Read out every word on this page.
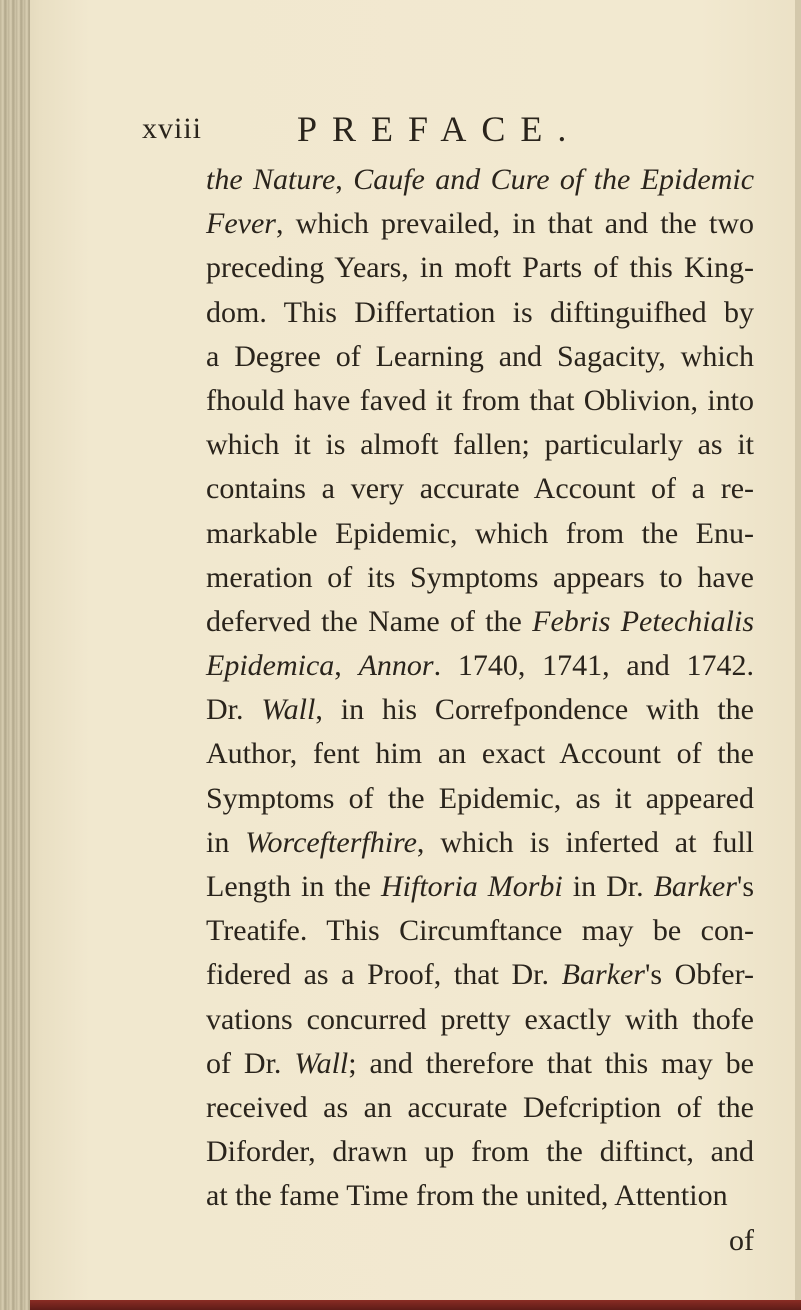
xviii	PREFACE.
the Nature, Caufe and Cure of the Epidemic
Fever, which prevailed, in that and the two
preceding Years, in moft Parts of this King-
dom. This Differtation is diftinguifhed by
a Degree of Learning and Sagacity, which
fhould have faved it from that Oblivion, into
which it is almoft fallen; particularly as it
contains a very accurate Account of a re-
markable Epidemic, which from the Enu-
meration of its Symptoms appears to have
deferved the Name of the Febris Petechialis
Epidemica, Annor. 1740, 1741, and 1742.
Dr. Wall, in his Correfpondence with the
Author, fent him an exact Account of the
Symptoms of the Epidemic, as it appeared
in Worcefterfhire, which is inferted at full
Length in the Hiftoria Morbi in Dr. Barker's
Treatife. This Circumftance may be con-
fidered as a Proof, that Dr. Barker's Obfer-
vations concurred pretty exactly with thofe
of Dr. Wall; and therefore that this may be
received as an accurate Defcription of the
Diforder, drawn up from the diftinct, and
at the fame Time from the united, Attention
of
